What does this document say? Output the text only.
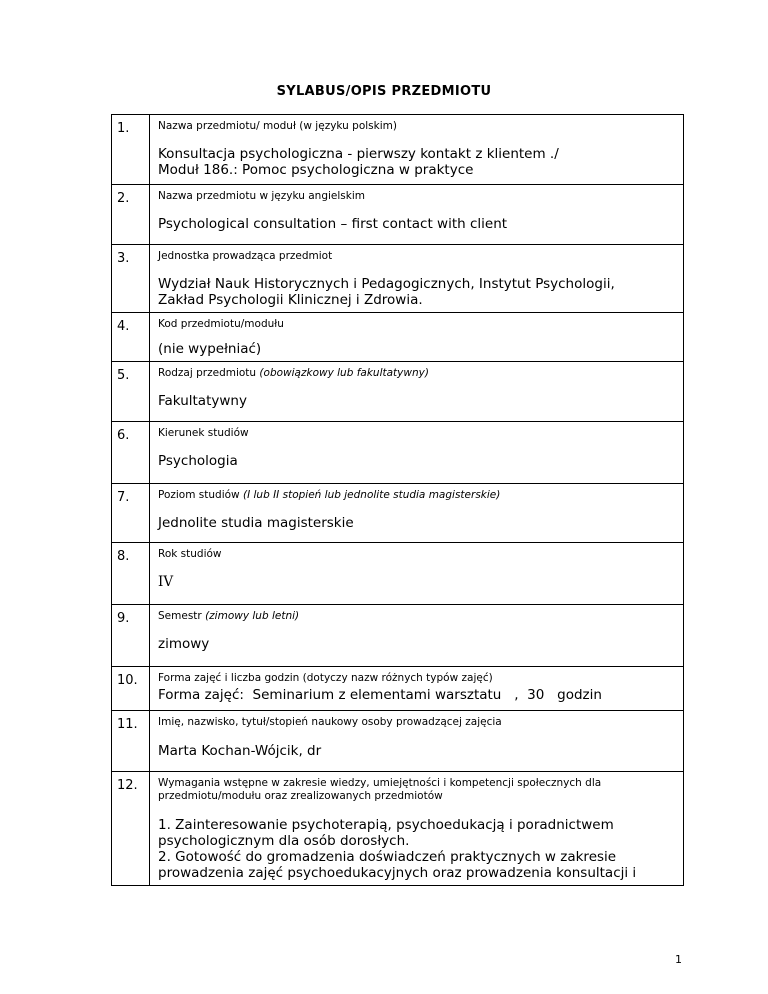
SYLABUS/OPIS PRZEDMIOTU
1.	Nazwa przedmiotu/ moduł (w języku polskim)
Konsultacja psychologiczna - pierwszy kontakt z klientem ./
Moduł 186.: Pomoc psychologiczna w praktyce

2.	Nazwa przedmiotu w języku angielskim
Psychological consultation – first contact with client

3.	Jednostka prowadząca przedmiot
Wydział Nauk Historycznych i Pedagogicznych, Instytut Psychologii,
Zakład Psychologii Klinicznej i Zdrowia.

4.	Kod przedmiotu/modułu
(nie wypełniać)

5.	Rodzaj przedmiotu (obowiązkowy lub fakultatywny)
Fakultatywny

6.	Kierunek studiów
Psychologia

7.	Poziom studiów (I lub II stopień lub jednolite studia magisterskie)
Jednolite studia magisterskie

8.	Rok studiów
IV

9.	Semestr (zimowy lub letni)
zimowy

10.	Forma zajęć i liczba godzin (dotyczy nazw różnych typów zajęć)
Forma zajęć:  Seminarium z elementami warsztatu   ,  30   godzin

11.	Imię, nazwisko, tytuł/stopień naukowy osoby prowadzącej zajęcia
Marta Kochan-Wójcik, dr

12.	Wymagania wstępne w zakresie wiedzy, umiejętności i kompetencji społecznych dla przedmiotu/modułu oraz zrealizowanych przedmiotów
1. Zainteresowanie psychoterapią, psychoedukacją i poradnictwem
psychologicznym dla osób dorosłych.
2. Gotowość do gromadzenia doświadczeń praktycznych w zakresie
prowadzenia zajęć psychoedukacyjnych oraz prowadzenia konsultacji i
1
